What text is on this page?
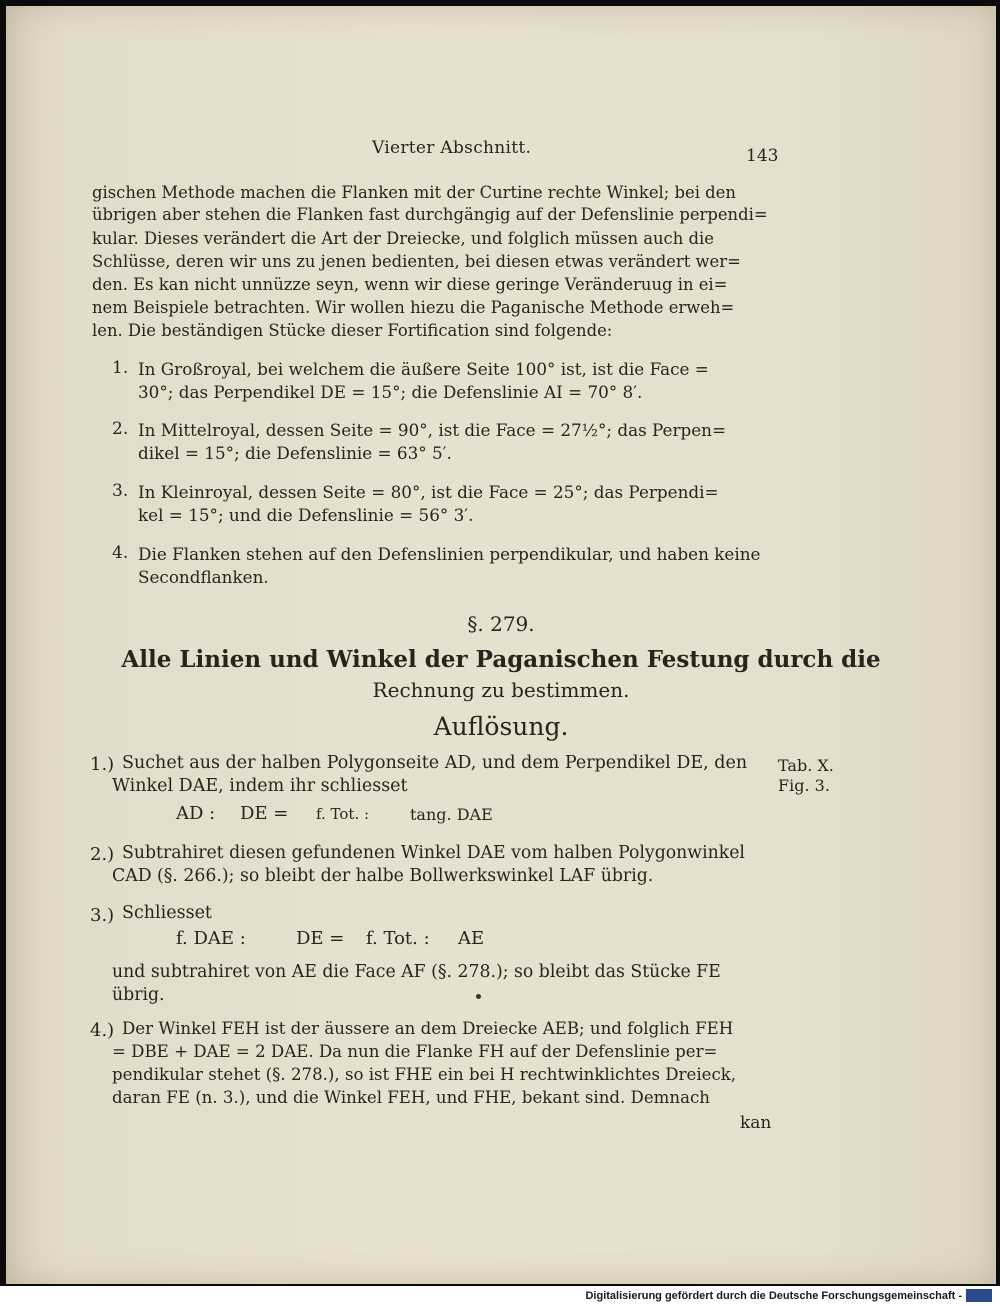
Vierter Abschnitt.	143
gischen Methode machen die Flanken mit der Curtine rechte Winkel; bei den
übrigen aber stehen die Flanken fast durchgängig auf der Defenslinie perpendi=
kular. Dieses verändert die Art der Dreiecke, und folglich müssen auch die
Schlüsse, deren wir uns zu jenen bedienten, bei diesen etwas verändert wer=
den. Es kan nicht unnüzze seyn, wenn wir diese geringe Veränderuug in ei=
nem Beispiele betrachten. Wir wollen hiezu die Paganische Methode erweh=
len. Die beständigen Stücke dieser Fortification sind folgende:
1. In Großroyal, bei welchem die äußere Seite 100° ist, ist die Face =
30°; das Perpendikel DE = 15°; die Defenslinie AI = 70° 8′.
2. In Mittelroyal, dessen Seite = 90°, ist die Face = 27½°; das Perpen=
dikel = 15°; die Defenslinie = 63° 5′.
3. In Kleinroyal, dessen Seite = 80°, ist die Face = 25°; das Perpendi=
kel = 15°; und die Defenslinie = 56° 3′.
4. Die Flanken stehen auf den Defenslinien perpendikular, und haben keine
Secondflanken.
§. 279.
Alle Linien und Winkel der Paganischen Festung durch die
Rechnung zu bestimmen.
Auflösung.
1.) Suchet aus der halben Polygonseite AD, und dem Perpendikel DE, den
Winkel DAE, indem ihr schliesset
AD : DE = f. Tot. :	tang. DAE
Tab. X.
Fig. 3.
2.) Subtrahiret diesen gefundenen Winkel DAE vom halben Polygonwinkel
CAD (§. 266.); so bleibt der halbe Bollwerkswinkel LAF übrig.
3.) Schliesset
f. DAE :	DE = f. Tot. : AE
und subtrahiret von AE die Face AF (§. 278.); so bleibt das Stücke FE
übrig.
4.) Der Winkel FEH ist der äussere an dem Dreiecke AEB; und folglich FEH
= DBE + DAE = 2 DAE. Da nun die Flanke FH auf der Defenslinie per=
pendikular stehet (§. 278.), so ist FHE ein bei H rechtwinklichtes Dreieck,
daran FE (n. 3.), und die Winkel FEH, und FHE, bekant sind. Demnach
kan
Digitalisierung gefördert durch die Deutsche Forschungsgemeinschaft -
